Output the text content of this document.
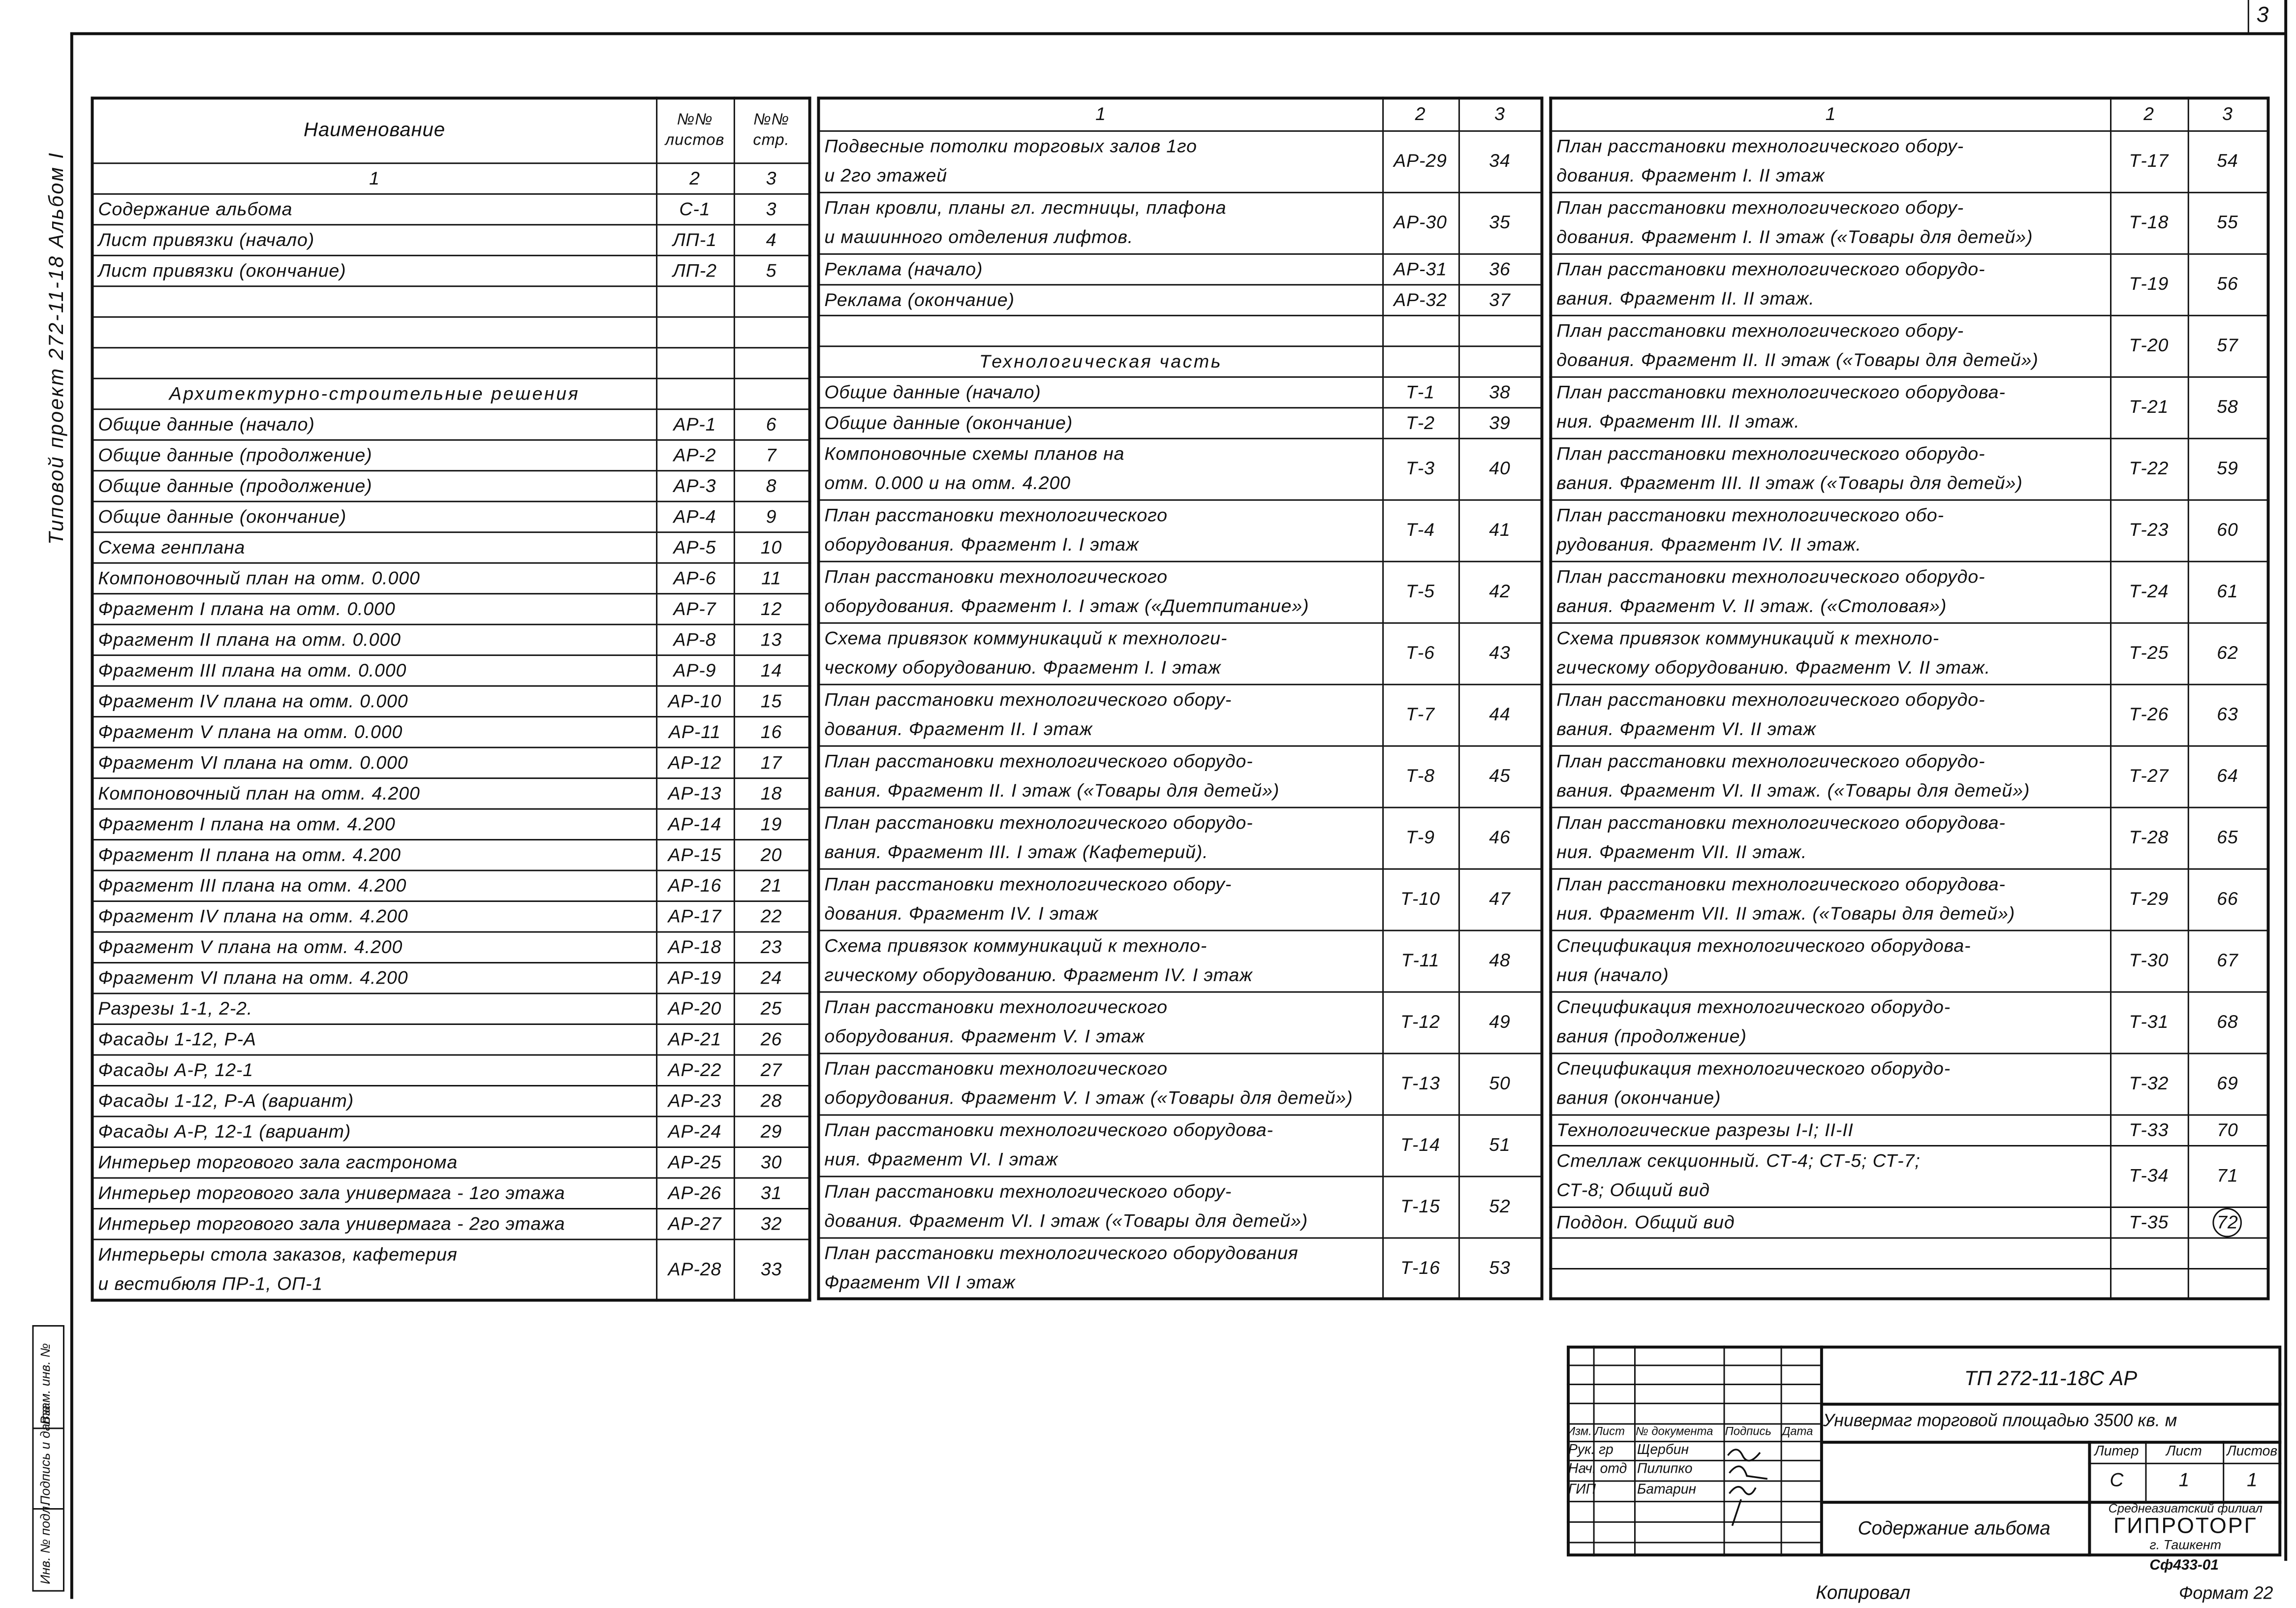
3
Типовой проект 272-11-18 Альбом I
Инв. № подл.
Подпись и дата
Взам. инв. №
Наименование	№№ листов	№№ стр.
1	2	3
Содержание альбома	С-1	3
Лист привязки (начало)	ЛП-1	4
Лист привязки (окончание)	ЛП-2	5

Архитектурно-строительные решения		
Общие данные (начало)	АР-1	6
Общие данные (продолжение)	АР-2	7
Общие данные (продолжение)	АР-3	8
Общие данные (окончание)	АР-4	9
Схема генплана	АР-5	10
Компоновочный план на отм. 0.000	АР-6	11
Фрагмент I плана на отм. 0.000	АР-7	12
Фрагмент II плана на отм. 0.000	АР-8	13
Фрагмент III плана на отм. 0.000	АР-9	14
Фрагмент IV плана на отм. 0.000	АР-10	15
Фрагмент V плана на отм. 0.000	АР-11	16
Фрагмент VI плана на отм. 0.000	АР-12	17
Компоновочный план на отм. 4.200	АР-13	18
Фрагмент I плана на отм. 4.200	АР-14	19
Фрагмент II плана на отм. 4.200	АР-15	20
Фрагмент III плана на отм. 4.200	АР-16	21
Фрагмент IV плана на отм. 4.200	АР-17	22
Фрагмент V плана на отм. 4.200	АР-18	23
Фрагмент VI плана на отм. 4.200	АР-19	24
Разрезы 1-1, 2-2.	АР-20	25
Фасады 1-12, Р-А	АР-21	26
Фасады А-Р, 12-1	АР-22	27
Фасады 1-12, Р-А (вариант)	АР-23	28
Фасады А-Р, 12-1 (вариант)	АР-24	29
Интерьер торгового зала гастронома	АР-25	30
Интерьер торгового зала универмага - 1го этажа	АР-26	31
Интерьер торгового зала универмага - 2го этажа	АР-27	32
Интерьеры стола заказов, кафетерия
и вестибюля ПР-1, ОП-1	АР-28	33
1	2	3
Подвесные потолки торговых залов 1го
и 2го этажей	АР-29	34
План кровли, планы гл. лестницы, плафона
и машинного отделения лифтов.	АР-30	35
Реклама (начало)	АР-31	36
Реклама (окончание)	АР-32	37

Технологическая часть		
Общие данные (начало)	Т-1	38
Общие данные (окончание)	Т-2	39
Компоновочные схемы планов на
отм. 0.000 и на отм. 4.200	Т-3	40
План расстановки технологического
оборудования. Фрагмент I. I этаж	Т-4	41
План расстановки технологического
оборудования. Фрагмент I. I этаж («Диетпитание»)	Т-5	42
Схема привязок коммуникаций к технологи-
ческому оборудованию. Фрагмент I. I этаж	Т-6	43
План расстановки технологического обору-
дования. Фрагмент II. I этаж	Т-7	44
План расстановки технологического оборудо-
вания. Фрагмент II. I этаж («Товары для детей»)	Т-8	45
План расстановки технологического оборудо-
вания. Фрагмент III. I этаж (Кафетерий).	Т-9	46
План расстановки технологического обору-
дования. Фрагмент IV. I этаж	Т-10	47
Схема привязок коммуникаций к техноло-
гическому оборудованию. Фрагмент IV. I этаж	Т-11	48
План расстановки технологического
оборудования. Фрагмент V. I этаж	Т-12	49
План расстановки технологического
оборудования. Фрагмент V. I этаж («Товары для детей»)	Т-13	50
План расстановки технологического оборудова-
ния. Фрагмент VI. I этаж	Т-14	51
План расстановки технологического обору-
дования. Фрагмент VI. I этаж («Товары для детей»)	Т-15	52
План расстановки технологического оборудования
Фрагмент VII I этаж	Т-16	53
1	2	3
План расстановки технологического обору-
дования. Фрагмент I. II этаж	Т-17	54
План расстановки технологического обору-
дования. Фрагмент I. II этаж («Товары для детей»)	Т-18	55
План расстановки технологического оборудо-
вания. Фрагмент II. II этаж.	Т-19	56
План расстановки технологического обору-
дования. Фрагмент II. II этаж («Товары для детей»)	Т-20	57
План расстановки технологического оборудова-
ния. Фрагмент III. II этаж.	Т-21	58
План расстановки технологического оборудо-
вания. Фрагмент III. II этаж («Товары для детей»)	Т-22	59
План расстановки технологического обо-
рудования. Фрагмент IV. II этаж.	Т-23	60
План расстановки технологического оборудо-
вания. Фрагмент V. II этаж. («Столовая»)	Т-24	61
Схема привязок коммуникаций к техноло-
гическому оборудованию. Фрагмент V. II этаж.	Т-25	62
План расстановки технологического оборудо-
вания. Фрагмент VI. II этаж	Т-26	63
План расстановки технологического оборудо-
вания. Фрагмент VI. II этаж. («Товары для детей»)	Т-27	64
План расстановки технологического оборудова-
ния. Фрагмент VII. II этаж.	Т-28	65
План расстановки технологического оборудова-
ния. Фрагмент VII. II этаж. («Товары для детей»)	Т-29	66
Спецификация технологического оборудова-
ния (начало)	Т-30	67
Спецификация технологического оборудо-
вания (продолжение)	Т-31	68
Спецификация технологического оборудо-
вания (окончание)	Т-32	69
Технологические разрезы I-I; II-II	Т-33	70
Стеллаж секционный. СТ-4; СТ-5; СТ-7;
СТ-8; Общий вид	Т-34	71
Поддон. Общий вид	Т-35	72

ТП 272-11-18С АР
Универмаг торговой площадью 3500 кв. м
Содержание альбома
Изм. Лист	№ документа	Подпись	Дата
Рук. гр	Щербин
Нач. отд Пилипко
ГИП	Батарин
Литер	Лист	Листов
С	1	1
Среднеазиатский филиал
ГИПРОТОРГ
г. Ташкент
Копировал
Сф433-01
Формат 22
